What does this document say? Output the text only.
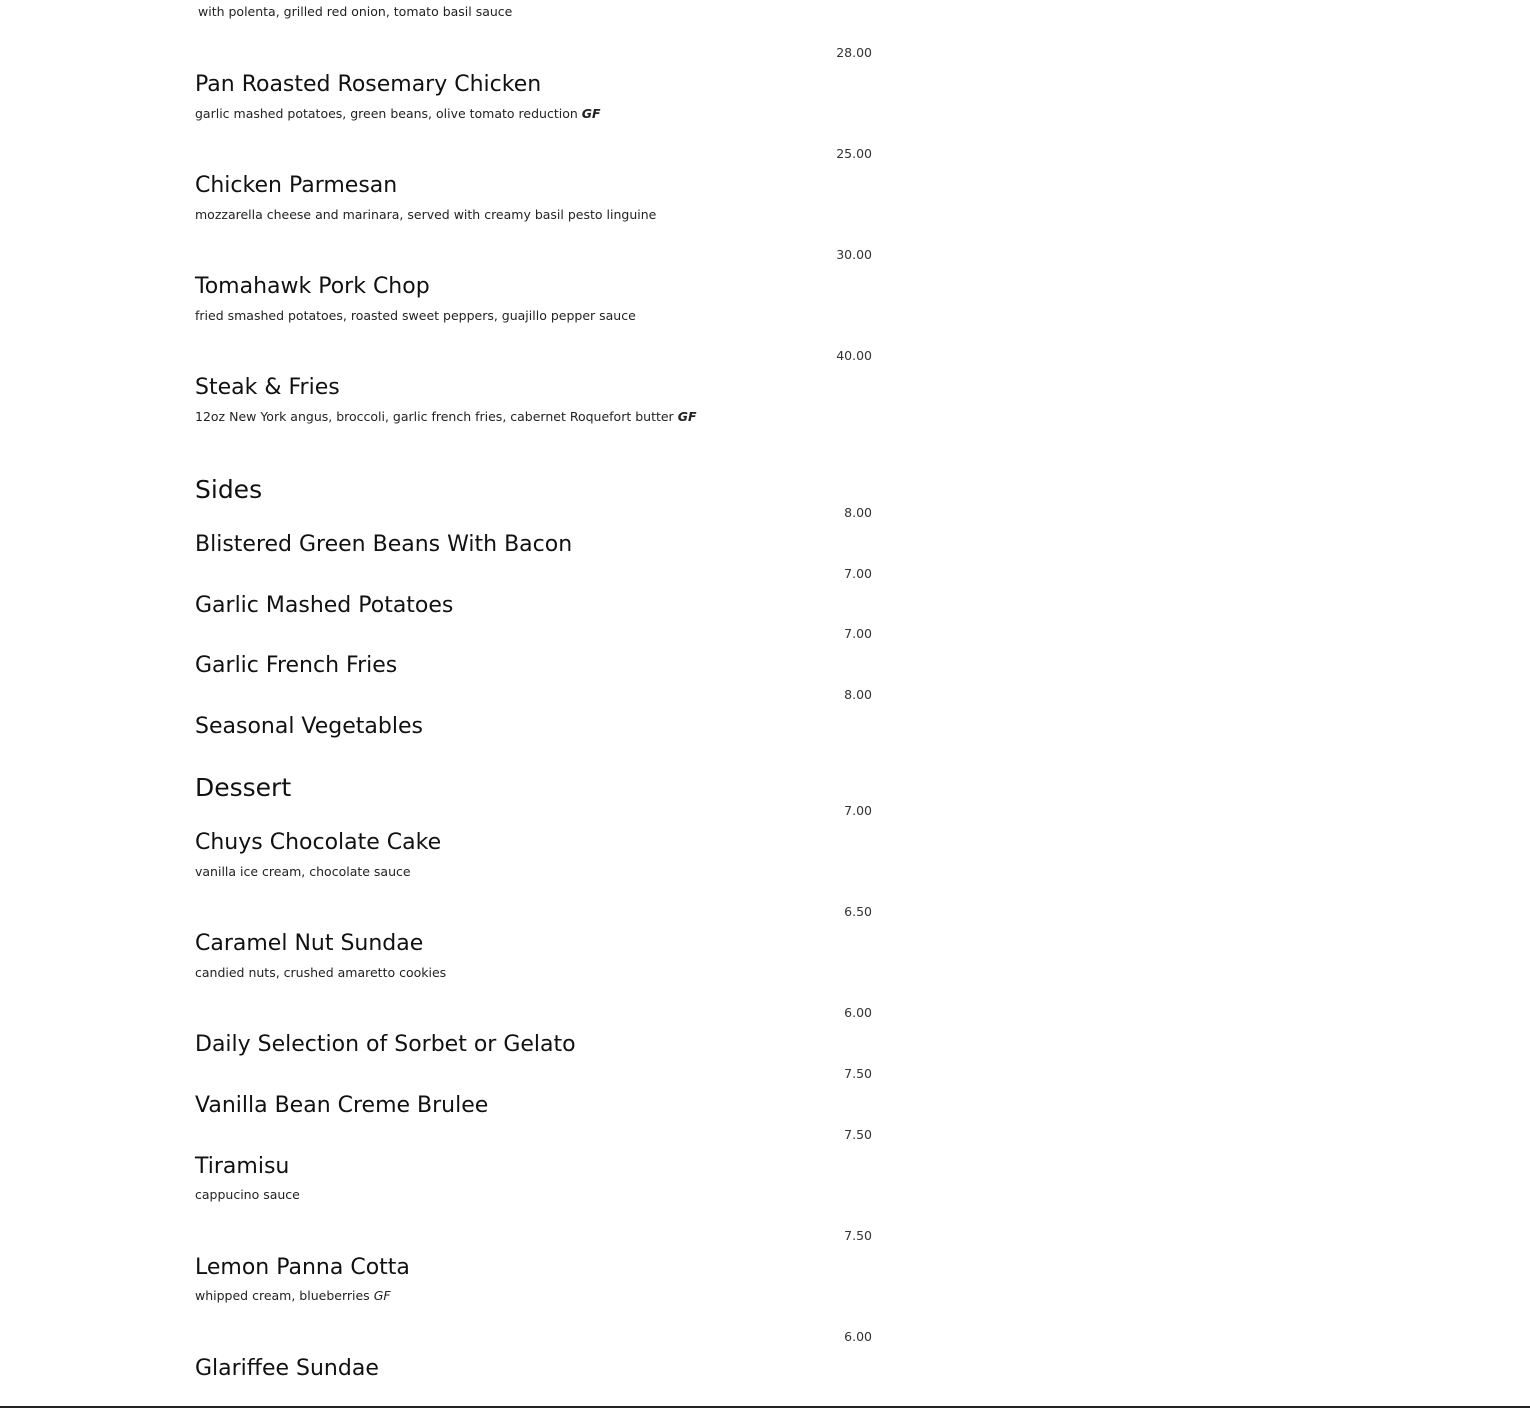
with polenta, grilled red onion, tomato basil sauce
28.00
Pan Roasted Rosemary Chicken
garlic mashed potatoes, green beans, olive tomato reduction GF
25.00
Chicken Parmesan
mozzarella cheese and marinara, served with creamy basil pesto linguine
30.00
Tomahawk Pork Chop
fried smashed potatoes, roasted sweet peppers, guajillo pepper sauce
40.00
Steak & Fries
12oz New York angus, broccoli, garlic french fries, cabernet Roquefort butter GF
Sides
8.00
Blistered Green Beans With Bacon
7.00
Garlic Mashed Potatoes
7.00
Garlic French Fries
8.00
Seasonal Vegetables
Dessert
7.00
Chuys Chocolate Cake
vanilla ice cream, chocolate sauce
6.50
Caramel Nut Sundae
candied nuts, crushed amaretto cookies
6.00
Daily Selection of Sorbet or Gelato
7.50
Vanilla Bean Creme Brulee
7.50
Tiramisu
cappucino sauce
7.50
Lemon Panna Cotta
whipped cream, blueberries GF
6.00
Glariffee Sundae
